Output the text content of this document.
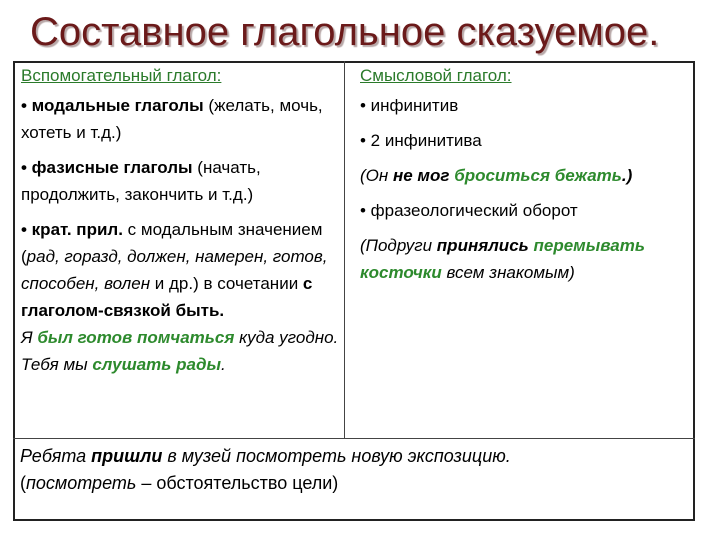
Составное глагольное сказуемое.
Вспомогательный глагол:

• модальные глаголы (желать, мочь, хотеть и т.д.)

• фазисные глаголы (начать, продолжить, закончить и т.д.)

• крат. прил. с модальным значением (рад, горазд, должен, намерен, готов, способен, волен и др.) в сочетании с глаголом-связкой быть.

Я был готов помчаться куда угодно.

Тебя мы слушать рады.

Смысловой глагол:

• инфинитив

• 2 инфинитива

(Он не мог броситься бежать.)

• фразеологический оборот

(Подруги принялись перемывать косточки всем знакомым)

Ребята пришли в музей посмотреть новую экспозицию.

(посмотреть – обстоятельство цели)
